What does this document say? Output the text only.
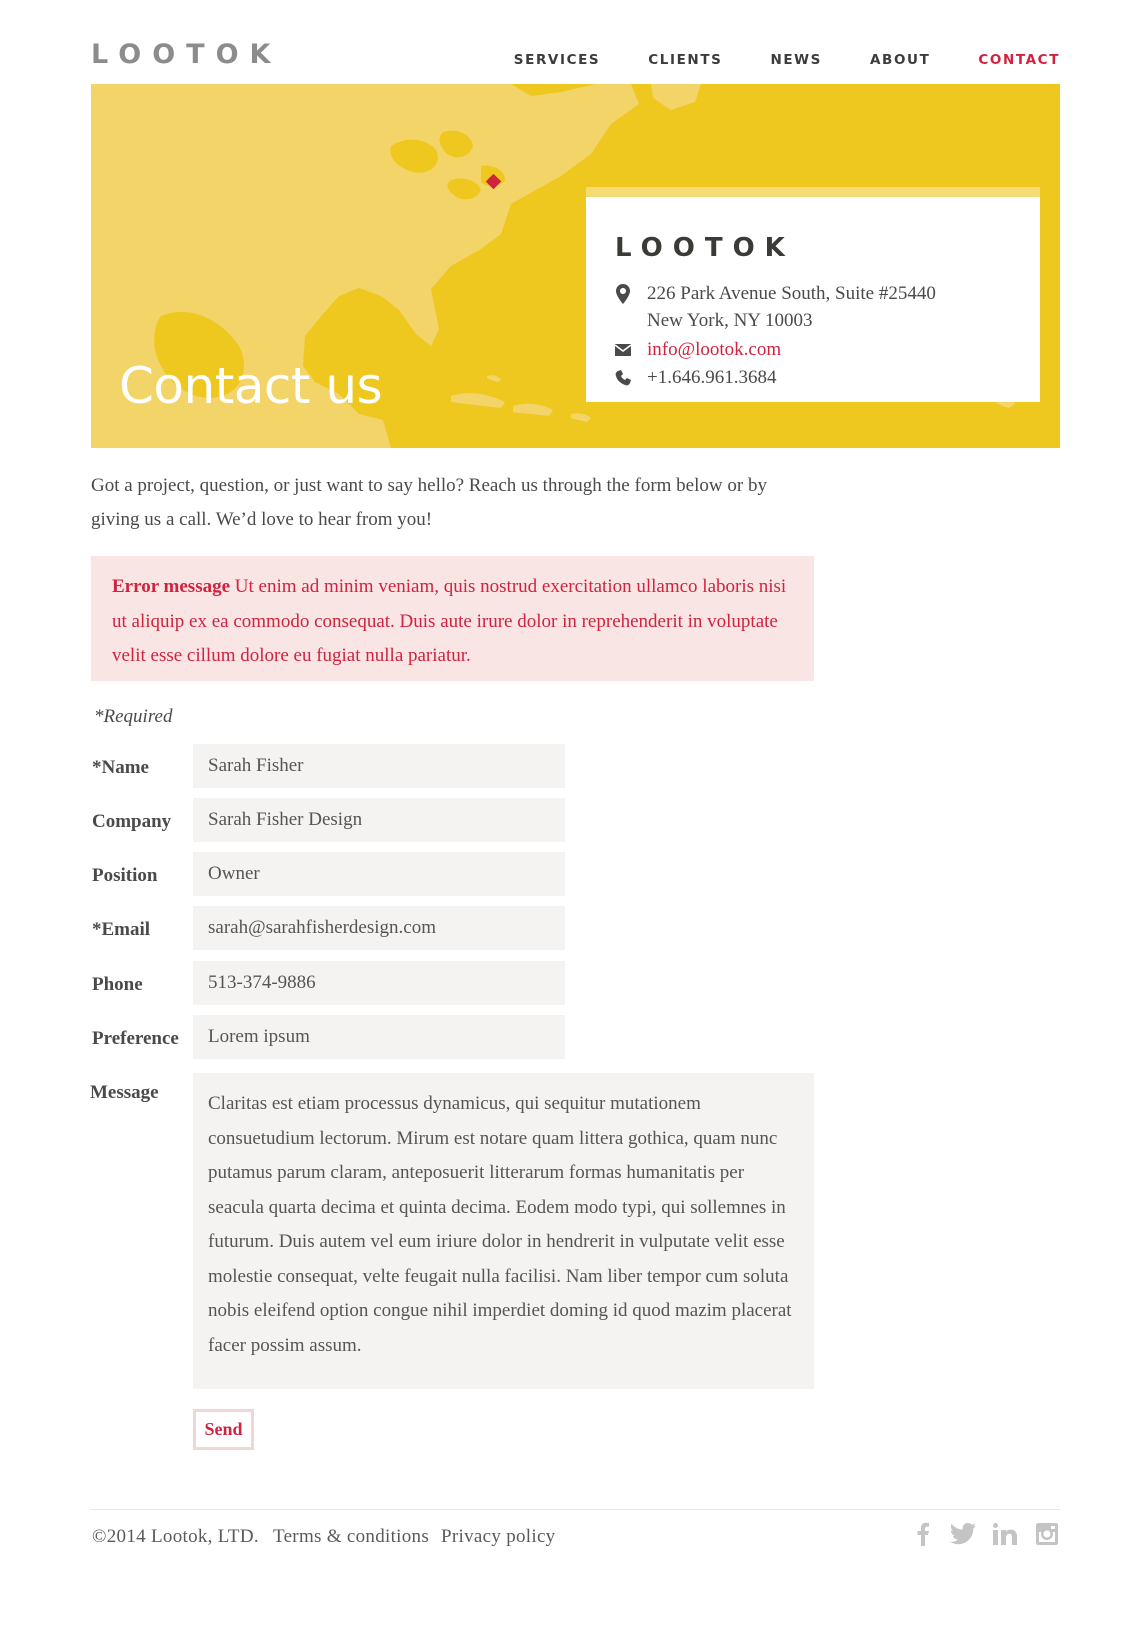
LOOTOK	SERVICES	CLIENTS	NEWS	ABOUT	CONTACT
Contact us
LOOTOK
226 Park Avenue South, Suite #25440
New York, NY 10003
info@lootok.com
+1.646.961.3684

Got a project, question, or just want to say hello? Reach us through the form below or by giving us a call. We’d love to hear from you!

Error message Ut enim ad minim veniam, quis nostrud exercitation ullamco laboris nisi ut aliquip ex ea commodo consequat. Duis aute irure dolor in reprehenderit in voluptate velit esse cillum dolore eu fugiat nulla pariatur.
*Required
*Name
Sarah Fisher
Company
Sarah Fisher Design
Position
Owner
*Email
sarah@sarahfisherdesign.com
Phone
513-374-9886
Preference
Lorem ipsum
Message
Claritas est etiam processus dynamicus, qui sequitur mutationem consuetudium lectorum. Mirum est notare quam littera gothica, quam nunc putamus parum claram, anteposuerit litterarum formas humanitatis per seacula quarta decima et quinta decima. Eodem modo typi, qui sollemnes in futurum. Duis autem vel eum iriure dolor in hendrerit in vulputate velit esse molestie consequat, velte feugait nulla facilisi. Nam liber tempor cum soluta nobis eleifend option congue nihil imperdiet doming id quod mazim placerat facer possim assum.
Send
©2014 Lootok, LTD. Terms & conditions Privacy policy
